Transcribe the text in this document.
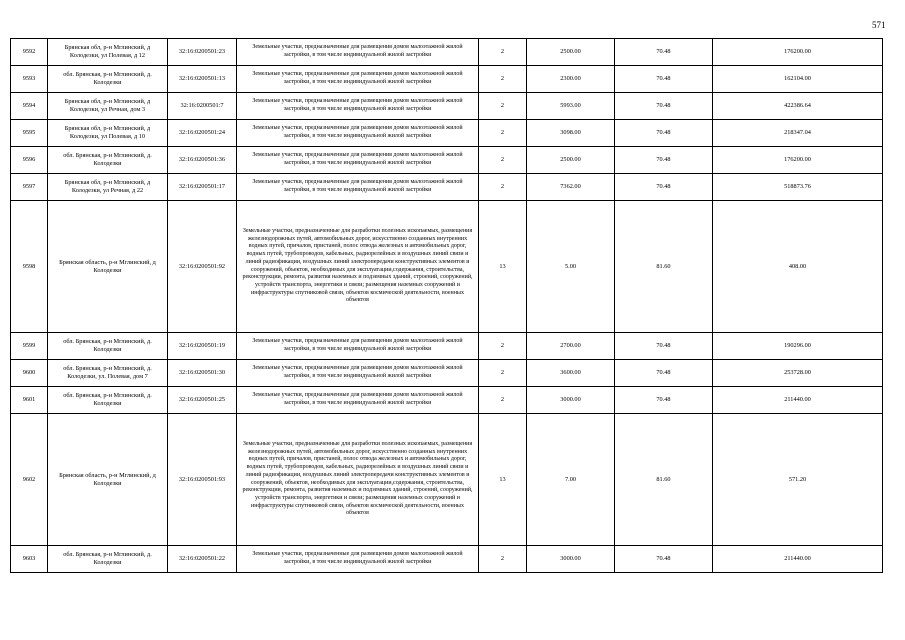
571
9592	Брянская обл, р-н Мглинский, д Колодезки, ул Полевая, д 12	32:16:0200501:23	Земельные участки, предназначенные для размещения домов малоэтажной жилой застройки, в том числе индивидуальной жилой застройки	2	2500.00	70.48	176200.00
9593	обл. Брянская, р-н Мглинский, д. Колодезки	32:16:0200501:13	Земельные участки, предназначенные для размещения домов малоэтажной жилой застройки, в том числе индивидуальной жилой застройки	2	2300.00	70.48	162104.00
9594	Брянская обл, р-н Мглинский, д Колодезки, ул Речная, дом 3	32:16:0200501:7	Земельные участки, предназначенные для размещения домов малоэтажной жилой застройки, в том числе индивидуальной жилой застройки	2	5993.00	70.48	422386.64
9595	Брянская обл, р-н Мглинский, д Колодезки, ул Полевая, д 10	32:16:0200501:24	Земельные участки, предназначенные для размещения домов малоэтажной жилой застройки, в том числе индивидуальной жилой застройки	2	3098.00	70.48	218347.04
9596	обл. Брянская, р-н Мглинский, д. Колодезки	32:16:0200501:36	Земельные участки, предназначенные для размещения домов малоэтажной жилой застройки, в том числе индивидуальной жилой застройки	2	2500.00	70.48	176200.00
9597	Брянская обл, р-н Мглинский, д Колодезки, ул Речная, д 22	32:16:0200501:17	Земельные участки, предназначенные для размещения домов малоэтажной жилой застройки, в том числе индивидуальной жилой застройки	2	7362.00	70.48	518873.76
9598	Брянская область, р-н Мглинский, д Колодезки	32:16:0200501:92	Земельные участки, предназначенные для разработки полезных ископаемых, размещения железнодорожных путей, автомобильных дорог, искусственно созданных внутренних водных путей, причалов, пристаней, полос отвода железных и автомобильных дорог, водных путей, трубопроводов, кабельных, радиорелейных и воздушных линий связи и линий радиофикации, воздушных линий электропередачи конструктивных элементов и сооружений, объектов, необходимых для эксплуатации,содержания, строительства, реконструкции, ремонта, развития наземных и подземных зданий, строений, сооружений, устройств транспорта, энергетики и связи; размещения наземных сооружений и инфраструктуры спутниковой связи, объектов космической деятельности, военных объектов	13	5.00	81.60	408.00
9599	обл. Брянская, р-н Мглинский, д. Колодезки	32:16:0200501:19	Земельные участки, предназначенные для размещения домов малоэтажной жилой застройки, в том числе индивидуальной жилой застройки	2	2700.00	70.48	190296.00
9600	обл. Брянская, р-н Мглинский, д. Колодезки, ул. Полевая, дом 7	32:16:0200501:30	Земельные участки, предназначенные для размещения домов малоэтажной жилой застройки, в том числе индивидуальной жилой застройки	2	3600.00	70.48	253728.00
9601	обл. Брянская, р-н Мглинский, д. Колодезки	32:16:0200501:25	Земельные участки, предназначенные для размещения домов малоэтажной жилой застройки, в том числе индивидуальной жилой застройки	2	3000.00	70.48	211440.00
9602	Брянская область, р-н Мглинский, д Колодезки	32:16:0200501:93	Земельные участки, предназначенные для разработки полезных ископаемых, размещения железнодорожных путей, автомобильных дорог, искусственно созданных внутренних водных путей, причалов, пристаней, полос отвода железных и автомобильных дорог, водных путей, трубопроводов, кабельных, радиорелейных и воздушных линий связи и линий радиофикации, воздушных линий электропередачи конструктивных элементов и сооружений, объектов, необходимых для эксплуатации,содержания, строительства, реконструкции, ремонта, развития наземных и подземных зданий, строений, сооружений, устройств транспорта, энергетики и связи; размещения наземных сооружений и инфраструктуры спутниковой связи, объектов космической деятельности, военных объектов	13	7.00	81.60	571.20
9603	обл. Брянская, р-н Мглинский, д. Колодезки	32:16:0200501:22	Земельные участки, предназначенные для размещения домов малоэтажной жилой застройки, в том числе индивидуальной жилой застройки	2	3000.00	70.48	211440.00
